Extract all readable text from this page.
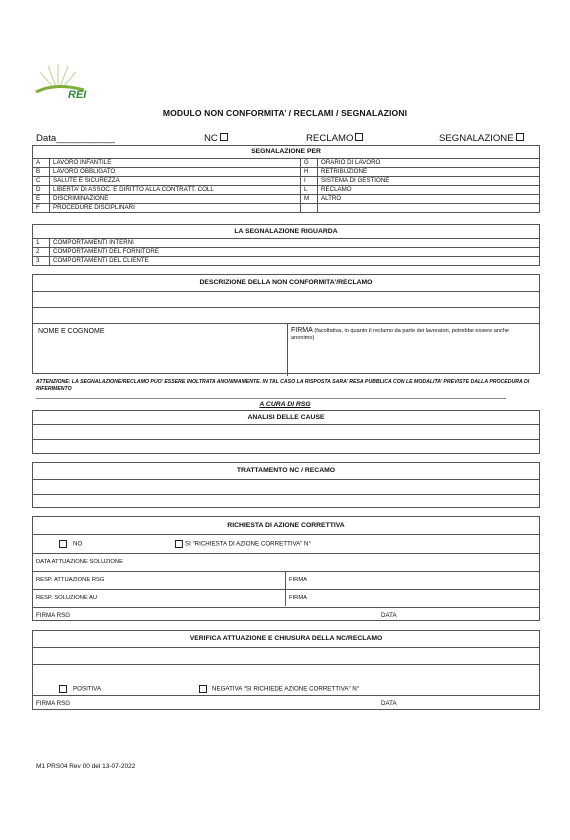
REI
MODULO NON CONFORMITA’ / RECLAMI / SEGNALAZIONI
Data___________	NC	RECLAMO	SEGNALAZIONE
SEGNALAZIONE PER			
A	LAVORO INFANTILE	G	ORARIO DI LAVORO
B	LAVORO OBBLIGATO	H	RETRIBUZIONE
C	SALUTE E SICUREZZA	I	SISTEMA DI GESTIONE
D	LIBERTA’ DI ASSOC. E DIRITTO ALLA CONTRATT. COLL	L	RECLAMO
E	DISCRIMINAZIONE	M	ALTRO
F	PROCEDURE DISCIPLINARI		
LA SEGNALAZIONE RIGUARDA	
1	COMPORTAMENTI INTERNI
2	COMPORTAMENTI DEL FORNITORE
3	COMPORTAMENTI DEL CLIENTE
DESCRIZIONE DELLA NON CONFORMITA’/RECLAMO
NOME E COGNOME	FIRMA (facoltativa, in quanto il reclamo da parte dei lavoratori, potrebbe essere anche anonimo)
ATTENZIONE: LA SEGNALAZIONE/RECLAMO PUO’ ESSERE INOLTRATA ANONIMAMENTE. IN TAL CASO LA RISPOSTA SARA’ RESA PUBBLICA CON LE MODALITA’ PREVISTE DALLA PROCEDURA DI RIFERIMENTO
A CURA DI RSG
ANALISI DELLE CAUSE
TRATTAMENTO NC / RECAMO
RICHIESTA DI AZIONE CORRETTIVA
NO	SI “RICHIESTA DI AZIONE CORRETTIVA” N°
DATA ATTUAZIONE SOLUZIONE
RESP. ATTUAZIONE RSG	FIRMA
RESP. SOLUZIONE AU	FIRMA
FIRMA RSG	DATA
VERIFICA ATTUAZIONE E CHIUSURA DELLA NC/RECLAMO
POSITIVA	NEGATIVA “SI RICHIEDE AZIONE CORRETTIVA” N°
FIRMA RSG	DATA
M1 PRS04 Rev 00 del 13-07-2022
